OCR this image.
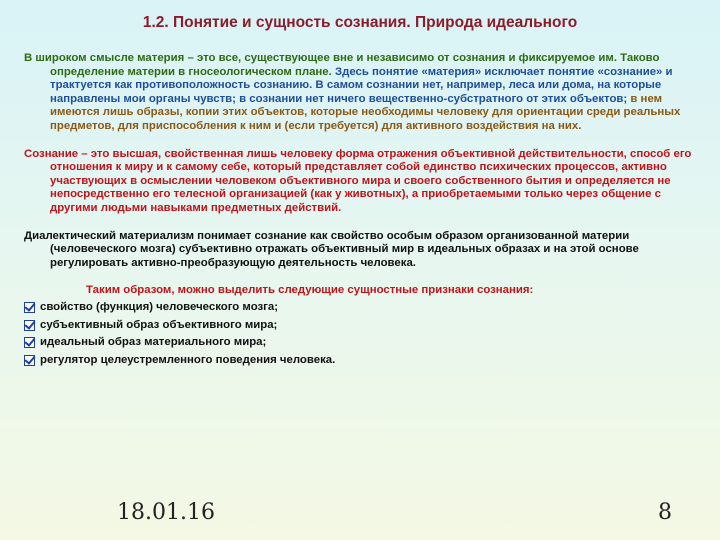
1.2. Понятие и сущность сознания. Природа идеального

В широком смысле материя – это все, существующее вне и независимо от сознания и фиксируемое им. Таково определение материи в гносеологическом плане. Здесь понятие «материя» исключает понятие «сознание» и трактуется как противоположность сознанию. В самом сознании нет, например, леса или дома, на которые направлены мои органы чувств; в сознании нет ничего вещественно-субстратного от этих объектов; в нем имеются лишь образы, копии этих объектов, которые необходимы человеку для ориентации среди реальных предметов, для приспособления к ним и (если требуется) для активного воздействия на них.

Сознание – это высшая, свойственная лишь человеку форма отражения объективной действительности, способ его отношения к миру и к самому себе, который представляет собой единство психических процессов, активно участвующих в осмыслении человеком объективного мира и своего собственного бытия и определяется не непосредственно его телесной организацией (как у животных), а приобретаемыми только через общение с другими людьми навыками предметных действий.

Диалектический материализм понимает сознание как свойство особым образом организованной материи (человеческого мозга) субъективно отражать объективный мир в идеальных образах и на этой основе регулировать активно-преобразующую деятельность человека.

Таким образом, можно выделить следующие сущностные признаки сознания:

свойство (функция) человеческого мозга;
субъективный образ объективного мира;
идеальный образ материального мира;
регулятор целеустремленного поведения человека.
18.01.16	8
